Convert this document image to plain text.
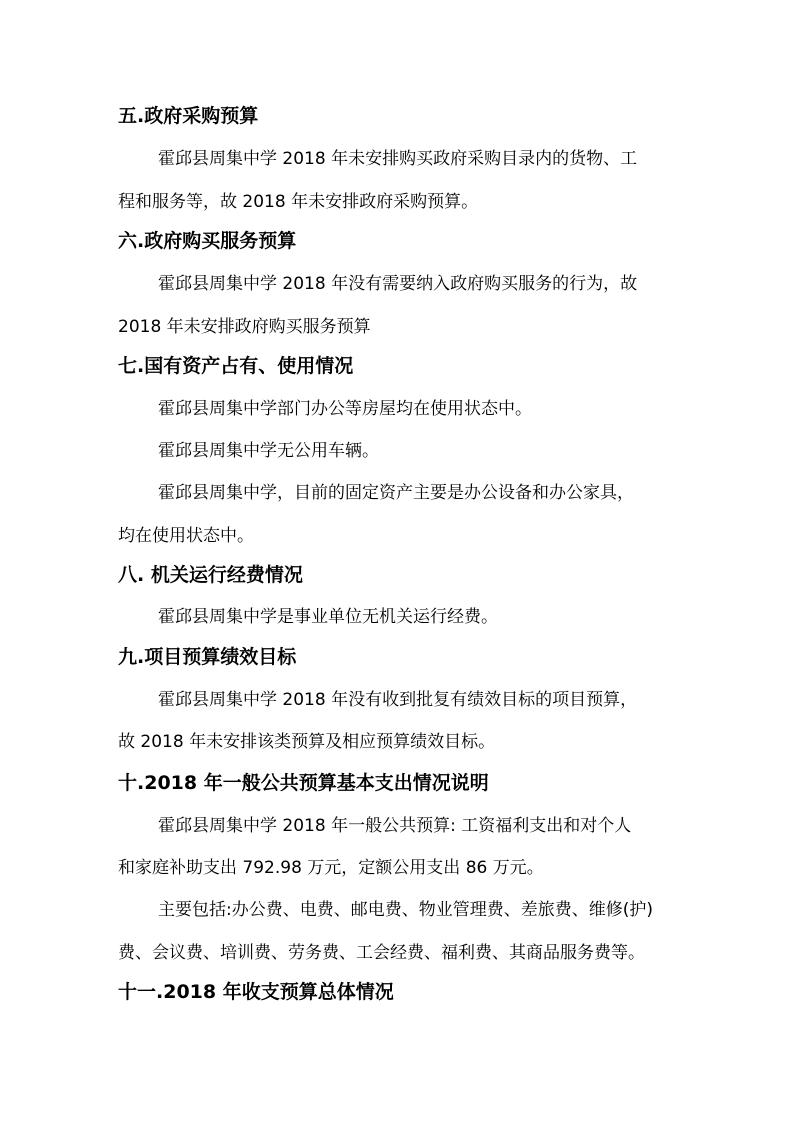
五.政府采购预算
霍邱县周集中学 2018 年未安排购买政府采购目录内的货物、工
程和服务等，故 2018 年未安排政府采购预算。
六.政府购买服务预算
霍邱县周集中学 2018 年没有需要纳入政府购买服务的行为，故
2018 年未安排政府购买服务预算
七.国有资产占有、使用情况
霍邱县周集中学部门办公等房屋均在使用状态中。
霍邱县周集中学无公用车辆。
霍邱县周集中学，目前的固定资产主要是办公设备和办公家具，
均在使用状态中。
八. 机关运行经费情况
霍邱县周集中学是事业单位无机关运行经费。
九.项目预算绩效目标
霍邱县周集中学 2018 年没有收到批复有绩效目标的项目预算，
故 2018 年未安排该类预算及相应预算绩效目标。
十.2018 年一般公共预算基本支出情况说明
霍邱县周集中学 2018 年一般公共预算: 工资福利支出和对个人
和家庭补助支出 792.98 万元，定额公用支出 86 万元。
主要包括:办公费、电费、邮电费、物业管理费、差旅费、维修(护)
费、会议费、培训费、劳务费、工会经费、福利费、其商品服务费等。
十一.2018 年收支预算总体情况
